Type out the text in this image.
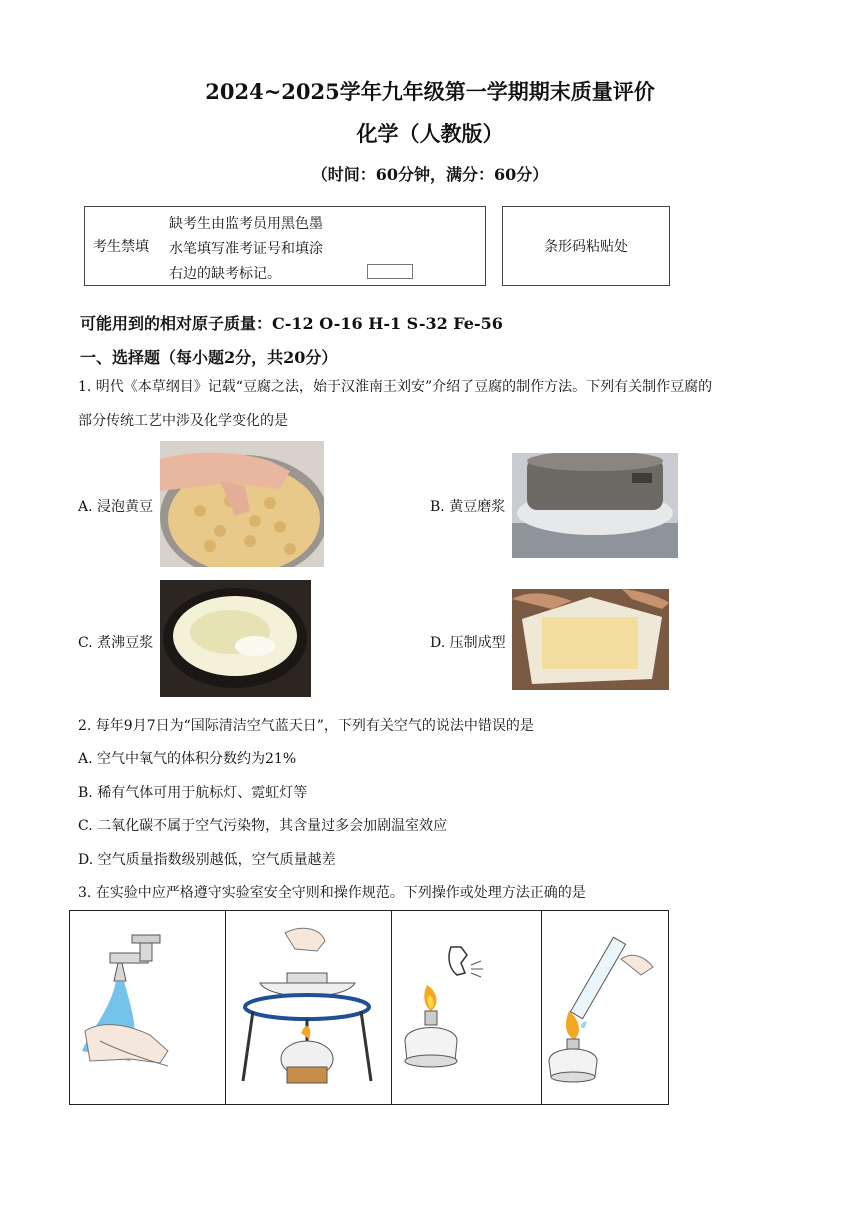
2024~2025学年九年级第一学期期末质量评价
化学（人教版）
（时间：60分钟，满分：60分）
考生禁填
缺考生由监考员用黑色墨
水笔填写准考证号和填涂
右边的缺考标记。
条形码粘贴处
可能用到的相对原子质量：C-12 O-16 H-1 S-32 Fe-56
一、选择题（每小题2分，共20分）
1. 明代《本草纲目》记载“豆腐之法，始于汉淮南王刘安”介绍了豆腐的制作方法。下列有关制作豆腐的
部分传统工艺中涉及化学变化的是
A. 浸泡黄豆	B. 黄豆磨浆
C. 煮沸豆浆	D. 压制成型
2. 每年9月7日为“国际清洁空气蓝天日”，下列有关空气的说法中错误的是
A. 空气中氧气的体积分数约为21%
B. 稀有气体可用于航标灯、霓虹灯等
C. 二氧化碳不属于空气污染物，其含量过多会加剧温室效应
D. 空气质量指数级别越低，空气质量越差
3. 在实验中应严格遵守实验室安全守则和操作规范。下列操作或处理方法正确的是
